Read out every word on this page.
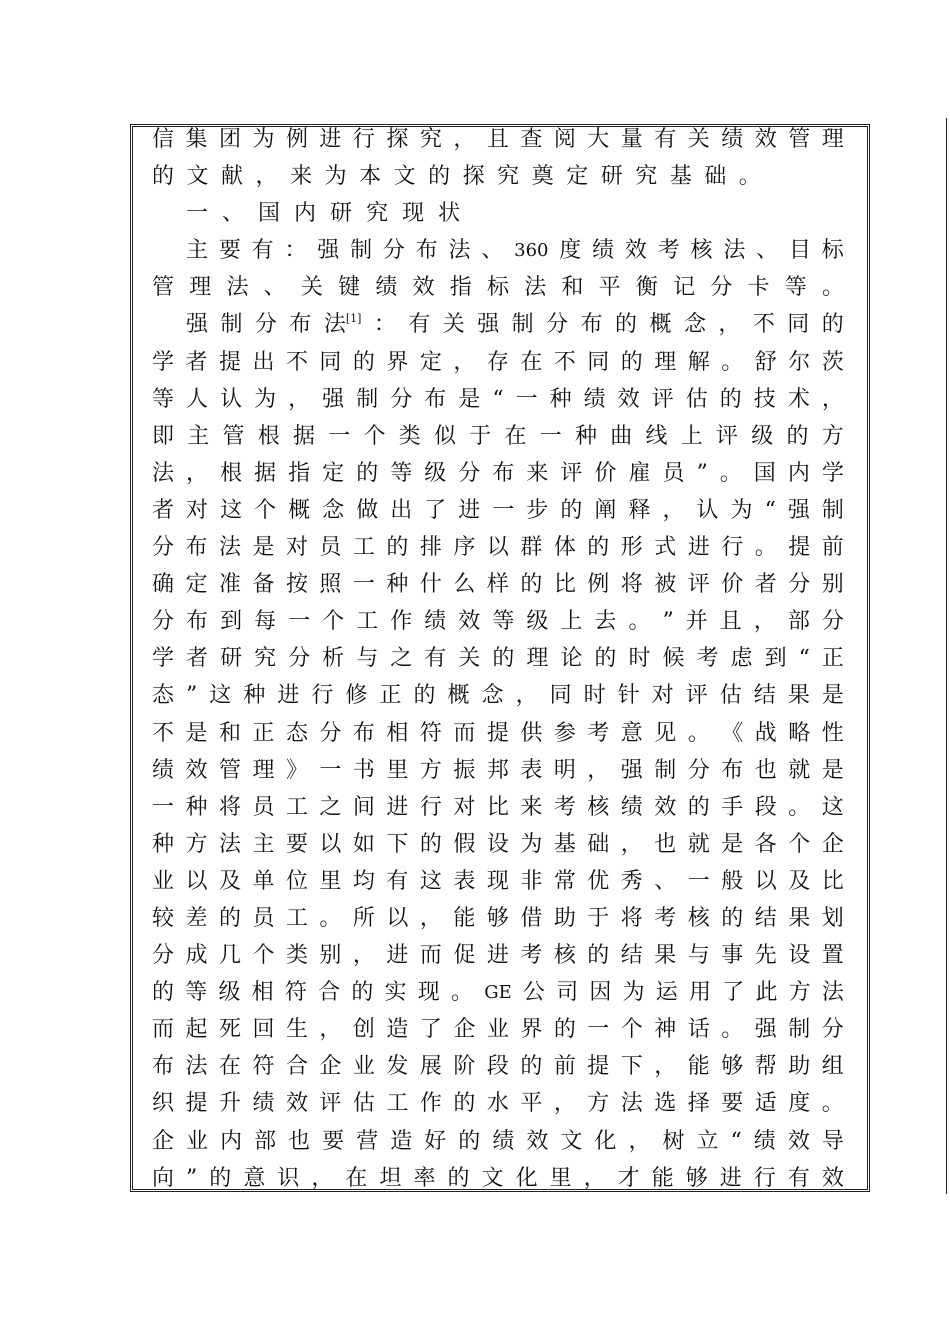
信 集 团 为 例 进 行 探 究 ， 且 查 阅 大 量 有 关 绩 效 管 理
的 文 献 ， 来 为 本 文 的 探 究 奠 定 研 究 基 础 。
一 、 国 内 研 究 现 状
主 要 有 ： 强 制 分 布 法 、 360 度 绩 效 考 核 法 、 目 标
管 理 法 、 关 键 绩 效 指 标 法 和 平 衡 记 分 卡 等 。
强 制 分 布 法[1] ： 有 关 强 制 分 布 的 概 念 ， 不 同 的
学 者 提 出 不 同 的 界 定 ， 存 在 不 同 的 理 解 。 舒 尔 茨
等 人 认 为 ， 强 制 分 布 是 “ 一 种 绩 效 评 估 的 技 术 ，
即 主 管 根 据 一 个 类 似 于 在 一 种 曲 线 上 评 级 的 方
法 ， 根 据 指 定 的 等 级 分 布 来 评 价 雇 员 ” 。 国 内 学
者 对 这 个 概 念 做 出 了 进 一 步 的 阐 释 ， 认 为 “ 强 制
分 布 法 是 对 员 工 的 排 序 以 群 体 的 形 式 进 行 。 提 前
确 定 准 备 按 照 一 种 什 么 样 的 比 例 将 被 评 价 者 分 别
分 布 到 每 一 个 工 作 绩 效 等 级 上 去 。 ” 并 且 ， 部 分
学 者 研 究 分 析 与 之 有 关 的 理 论 的 时 候 考 虑 到 “ 正
态 ” 这 种 进 行 修 正 的 概 念 ， 同 时 针 对 评 估 结 果 是
不 是 和 正 态 分 布 相 符 而 提 供 参 考 意 见 。 《 战 略 性
绩 效 管 理 》 一 书 里 方 振 邦 表 明 ， 强 制 分 布 也 就 是
一 种 将 员 工 之 间 进 行 对 比 来 考 核 绩 效 的 手 段 。 这
种 方 法 主 要 以 如 下 的 假 设 为 基 础 ， 也 就 是 各 个 企
业 以 及 单 位 里 均 有 这 表 现 非 常 优 秀 、 一 般 以 及 比
较 差 的 员 工 。 所 以 ， 能 够 借 助 于 将 考 核 的 结 果 划
分 成 几 个 类 别 ， 进 而 促 进 考 核 的 结 果 与 事 先 设 置
的 等 级 相 符 合 的 实 现 。 GE 公 司 因 为 运 用 了 此 方 法
而 起 死 回 生 ， 创 造 了 企 业 界 的 一 个 神 话 。 强 制 分
布 法 在 符 合 企 业 发 展 阶 段 的 前 提 下 ， 能 够 帮 助 组
织 提 升 绩 效 评 估 工 作 的 水 平 ， 方 法 选 择 要 适 度 。
企 业 内 部 也 要 营 造 好 的 绩 效 文 化 ， 树 立 “ 绩 效 导
向 ” 的 意 识 ， 在 坦 率 的 文 化 里 ， 才 能 够 进 行 有 效
